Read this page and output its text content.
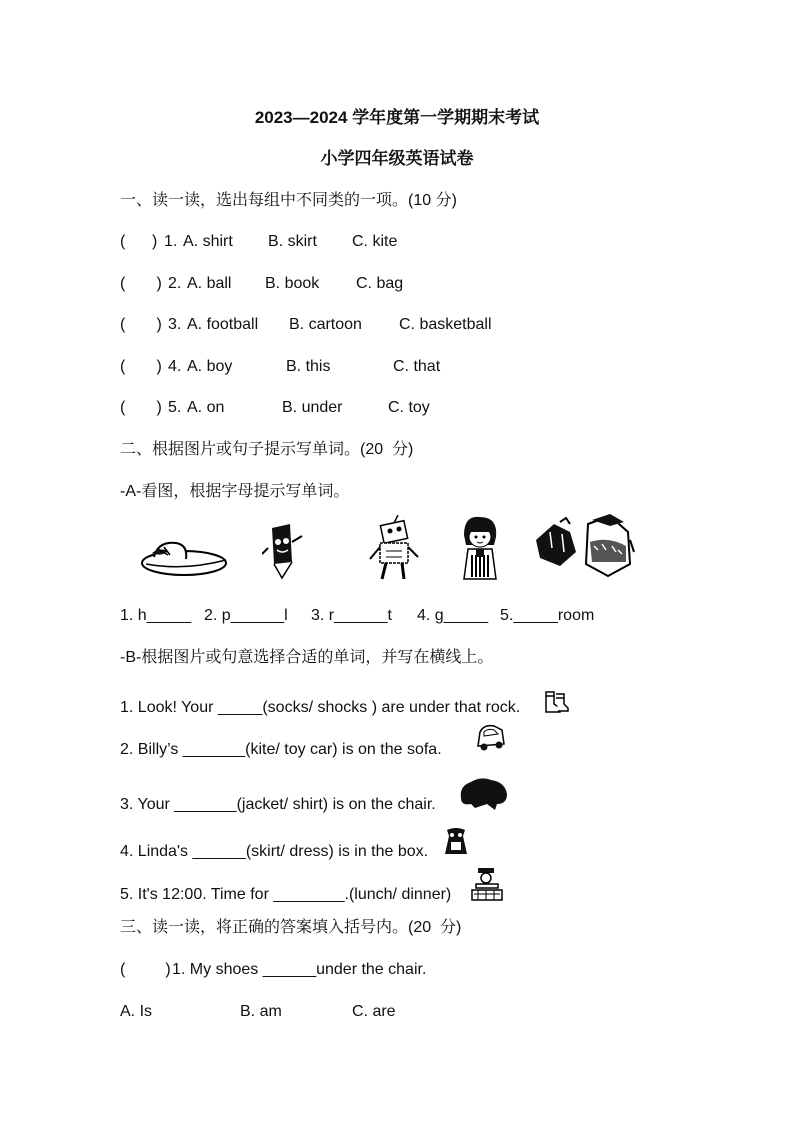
2023—2024 学年度第一学期期末考试
小学四年级英语试卷
一、读一读，选出每组中不同类的一项。(10 分)
(      ) 1. A. shirt B. skirt C. kite
(       ) 2. A. ball B. book C. bag
(       ) 3. A. football B. cartoon C. basketball
(       ) 4. A. boy	B. this	C. that
(       ) 5. A. on	B. under	C. toy
二、根据图片或句子提示写单词。(20  分)
-A-看图，根据字母提示写单词。
1. h_____ 2. p______l 3. r______t 4. g_____ 5._____room
-B-根据图片或句意选择合适的单词，并写在横线上。
1. Look! Your _____(socks/ shocks ) are under that rock.
2. Billy’s _______(kite/ toy car) is on the sofa.
3. Your _______(jacket/ shirt) is on the chair.
4. Linda's ______(skirt/ dress) is in the box.
5. It's 12:00. Time for ________.(lunch/ dinner)
三、读一读，将正确的答案填入括号内。(20  分)
(         ) 1. My shoes ______under the chair.
A. Is	B. am	C. are
